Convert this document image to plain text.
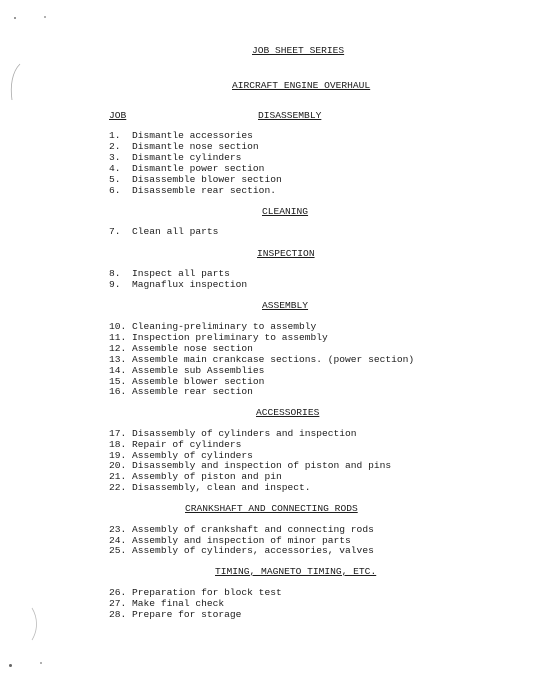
JOB SHEET SERIES
AIRCRAFT ENGINE OVERHAUL
JOB	DISASSEMBLY
1.  Dismantle accessories
2.  Dismantle nose section
3.  Dismantle cylinders
4.  Dismantle power section
5.  Disassemble blower section
6.  Disassemble rear section.
CLEANING
7.  Clean all parts
INSPECTION
8.  Inspect all parts
9.  Magnaflux inspection
ASSEMBLY
10. Cleaning-preliminary to assembly
11. Inspection preliminary to assembly
12. Assemble nose section
13. Assemble main crankcase sections. (power section)
14. Assemble sub Assemblies
15. Assemble blower section
16. Assemble rear section
ACCESSORIES
17. Disassembly of cylinders and inspection
18. Repair of cylinders
19. Assembly of cylinders
20. Disassembly and inspection of piston and pins
21. Assembly of piston and pin
22. Disassembly, clean and inspect.
CRANKSHAFT AND CONNECTING RODS
23. Assembly of crankshaft and connecting rods
24. Assembly and inspection of minor parts
25. Assembly of cylinders, accessories, valves
TIMING, MAGNETO TIMING, ETC.
26. Preparation for block test
27. Make final check
28. Prepare for storage
